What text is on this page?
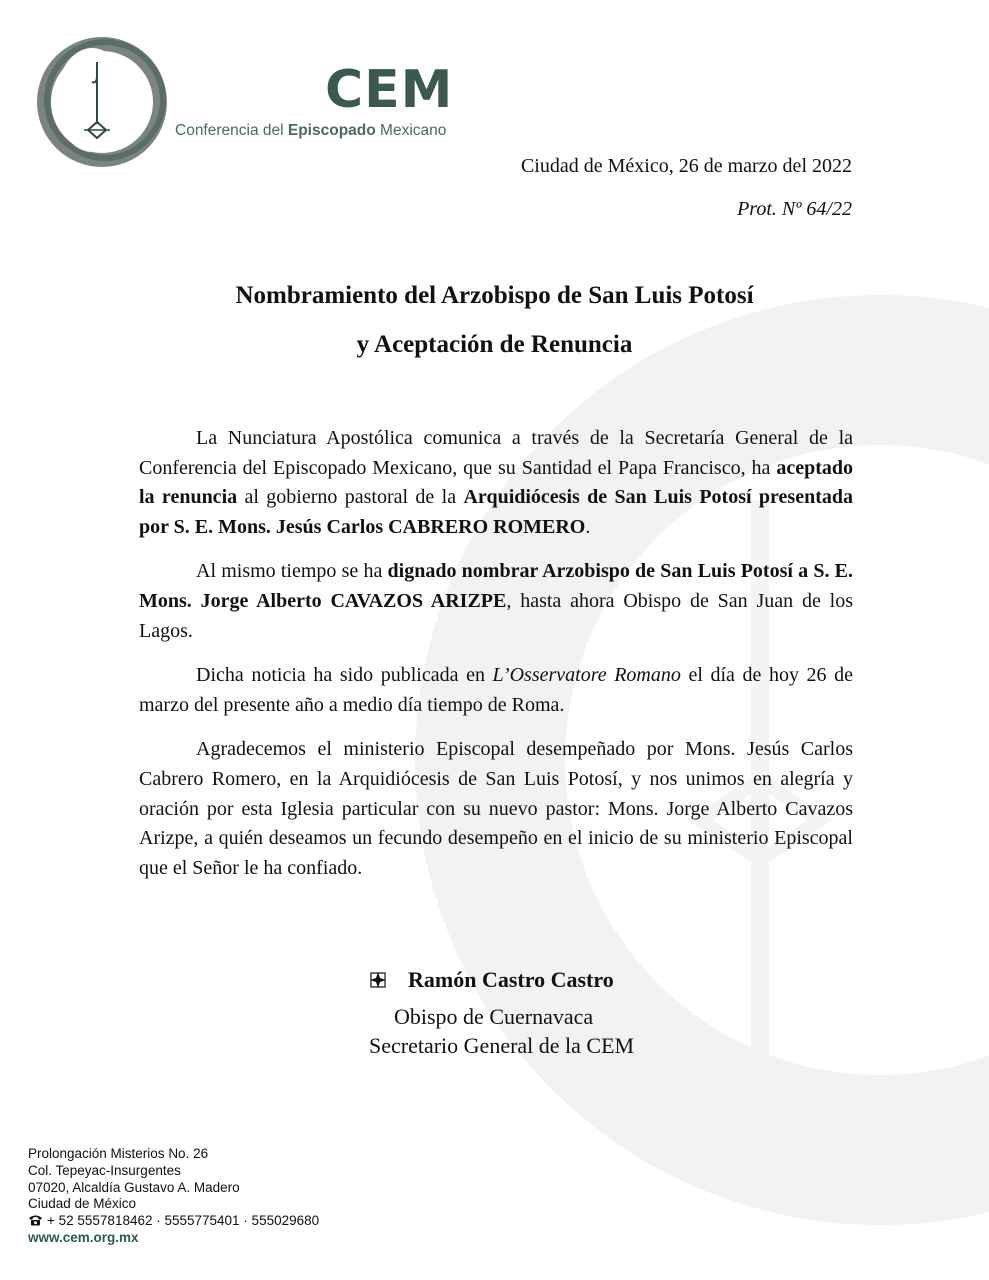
CEM
Conferencia del Episcopado Mexicano
Ciudad de México, 26 de marzo del 2022
Prot. Nº 64/22
Nombramiento del Arzobispo de San Luis Potosí
y Aceptación de Renuncia

La Nunciatura Apostólica comunica a través de la Secretaría General de la Conferencia del Episcopado Mexicano, que su Santidad el Papa Francisco, ha aceptado la renuncia al gobierno pastoral de la Arquidiócesis de San Luis Potosí presentada por S. E. Mons. Jesús Carlos CABRERO ROMERO.

Al mismo tiempo se ha dignado nombrar Arzobispo de San Luis Potosí a S. E. Mons. Jorge Alberto CAVAZOS ARIZPE, hasta ahora Obispo de San Juan de los Lagos.

Dicha noticia ha sido publicada en L’Osservatore Romano el día de hoy 26 de marzo del presente año a medio día tiempo de Roma.

Agradecemos el ministerio Episcopal desempeñado por Mons. Jesús Carlos Cabrero Romero, en la Arquidiócesis de San Luis Potosí, y nos unimos en alegría y oración por esta Iglesia particular con su nuevo pastor: Mons. Jorge Alberto Cavazos Arizpe, a quién deseamos un fecundo desempeño en el inicio de su ministerio Episcopal que el Señor le ha confiado.

Ramón Castro Castro
Obispo de Cuernavaca
Secretario General de la CEM
Prolongación Misterios No. 26
Col. Tepeyac-Insurgentes
07020, Alcaldía Gustavo A. Madero
Ciudad de México
+ 52 5557818462 · 5555775401 · 555029680
www.cem.org.mx
